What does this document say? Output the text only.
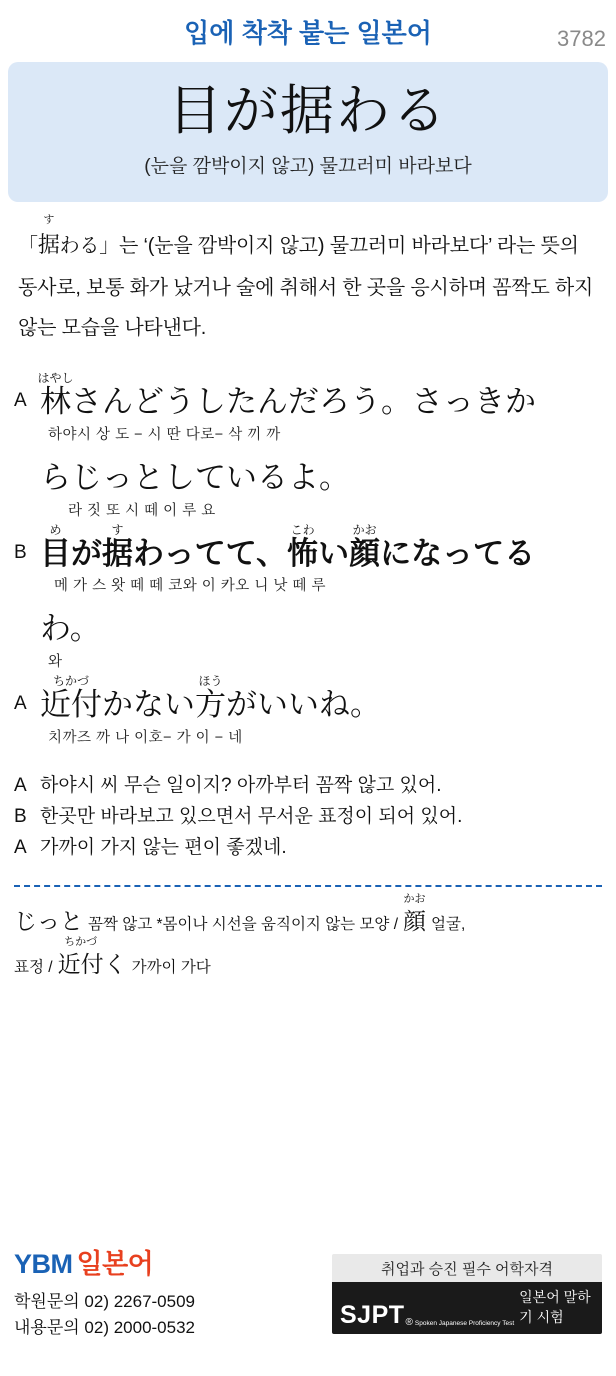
입에 착착 붙는 일본어	3782
目が据わる
(눈을 깜박이지 않고) 물끄러미 바라보다
「
す
据わる」는 ‘(눈을 깜박이지 않고) 물끄러미 바라보다’ 라는 뜻의 동사로, 보통 화가 났거나 술에 취해서 한 곳을 응시하며 꼼짝도 하지 않는 모습을 나타낸다.
A
はやし
林さんどうしたんだろう。さっきか
하야시 상 도 − 시 딴 다로− 삭 끼 까
らじっとしているよ。
라 짓 또 시 떼 이 루 요
B
め
目が
す
据わってて、
こわ
怖い
かお
顔になってる
메 가 스 왓 떼 떼 코와 이 카오 니 낫 떼 루
わ。
와
A
ちかづ
近付かない
ほう
方がいいね。
치까즈 까 나 이호− 가 이 − 네
A 하야시 씨 무슨 일이지? 아까부터 꼼짝 않고 있어.
B 한곳만 바라보고 있으면서 무서운 표정이 되어 있어.
A 가까이 가지 않는 편이 좋겠네.
じっと 꼼짝 않고 *몸이나 시선을 움직이지 않는 모양 /
かお
顔 얼굴,
표정 /
ちかづ
近付く 가까이 가다
YBM 일본어
학원문의 02) 2267-0509
내용문의 02) 2000-0532
취업과 승진 필수 어학자격
SJPT ® Spoken Japanese Proficiency Test
일본어 말하기 시험
